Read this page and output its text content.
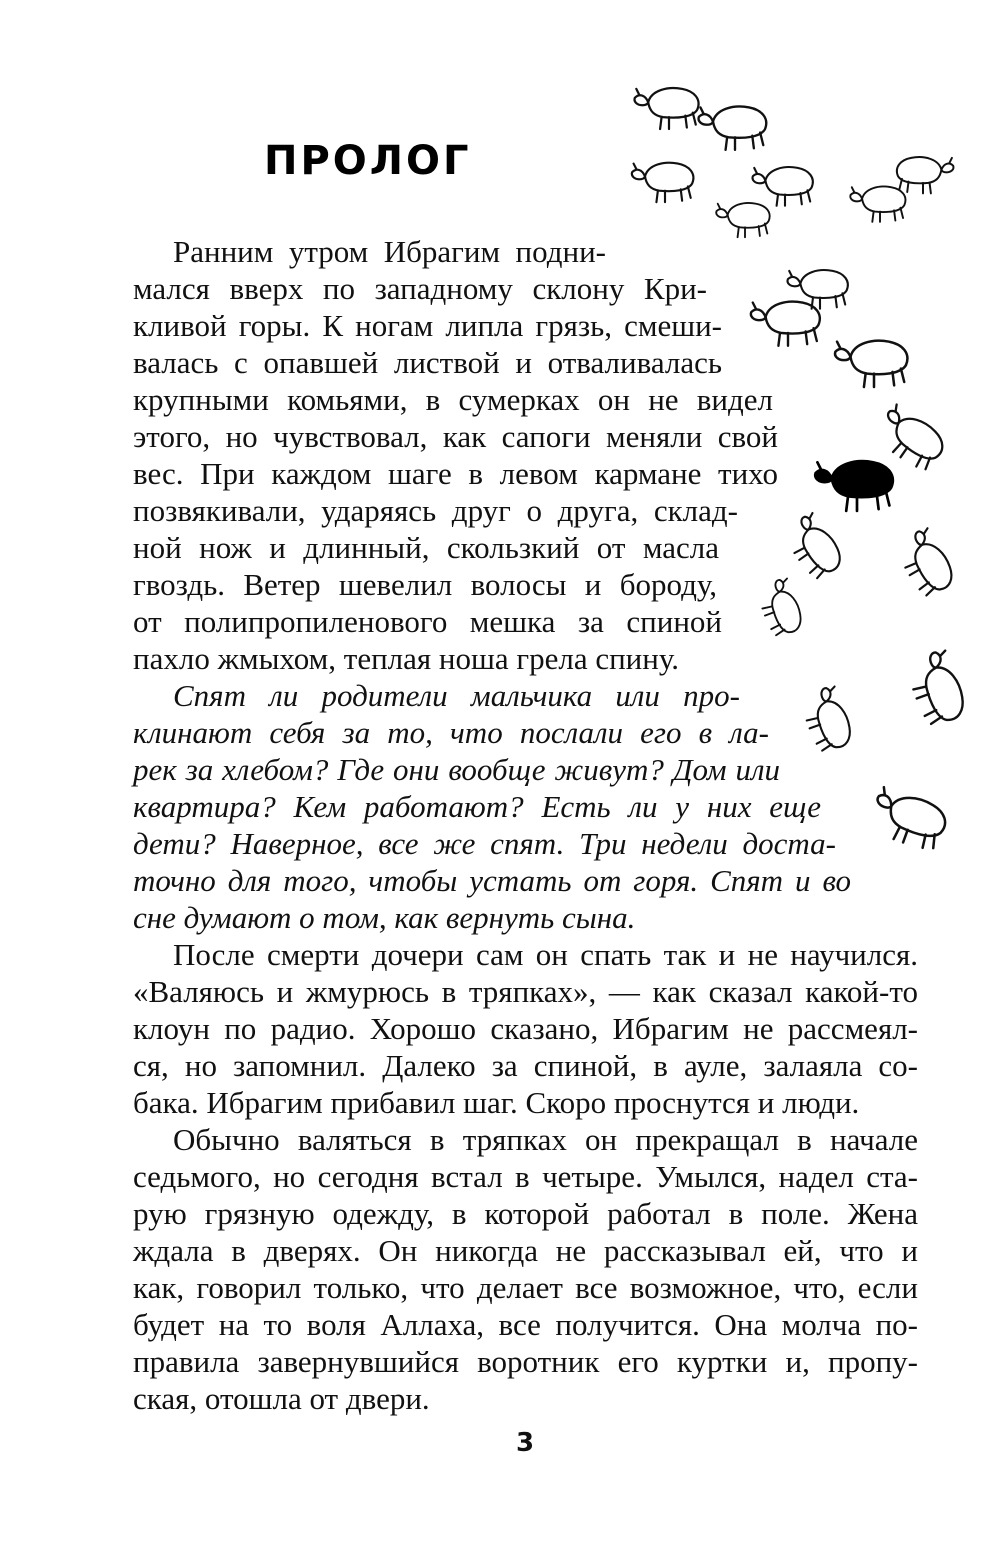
ПРОЛОГ
Ранним утром Ибрагим подни-
мался вверх по западному склону Кри-
кливой горы. К ногам липла грязь, смеши-
валась с опавшей листвой и отваливалась
крупными комьями, в сумерках он не видел
этого, но чувствовал, как сапоги меняли свой
вес. При каждом шаге в левом кармане тихо
позвякивали, ударяясь друг о друга, склад-
ной нож и длинный, скользкий от масла
гвоздь. Ветер шевелил волосы и бороду,
от полипропиленового мешка за спиной
пахло жмыхом, теплая ноша грела спину.
Спят ли родители мальчика или про-
клинают себя за то, что послали его в ла-
рек за хлебом? Где они вообще живут? Дом или
квартира? Кем работают? Есть ли у них еще
дети? Наверное, все же спят. Три недели доста-
точно для того, чтобы устать от горя. Спят и во
сне думают о том, как вернуть сына.
После смерти дочери сам он спать так и не научился.
«Валяюсь и жмурюсь в тряпках», — как сказал какой-то
клоун по радио. Хорошо сказано, Ибрагим не рассмеял-
ся, но запомнил. Далеко за спиной, в ауле, залаяла со-
бака. Ибрагим прибавил шаг. Скоро проснутся и люди.
Обычно валяться в тряпках он прекращал в начале
седьмого, но сегодня встал в четыре. Умылся, надел ста-
рую грязную одежду, в которой работал в поле. Жена
ждала в дверях. Он никогда не рассказывал ей, что и
как, говорил только, что делает все возможное, что, если
будет на то воля Аллаха, все получится. Она молча по-
правила завернувшийся воротник его куртки и, пропу-
ская, отошла от двери.
3
